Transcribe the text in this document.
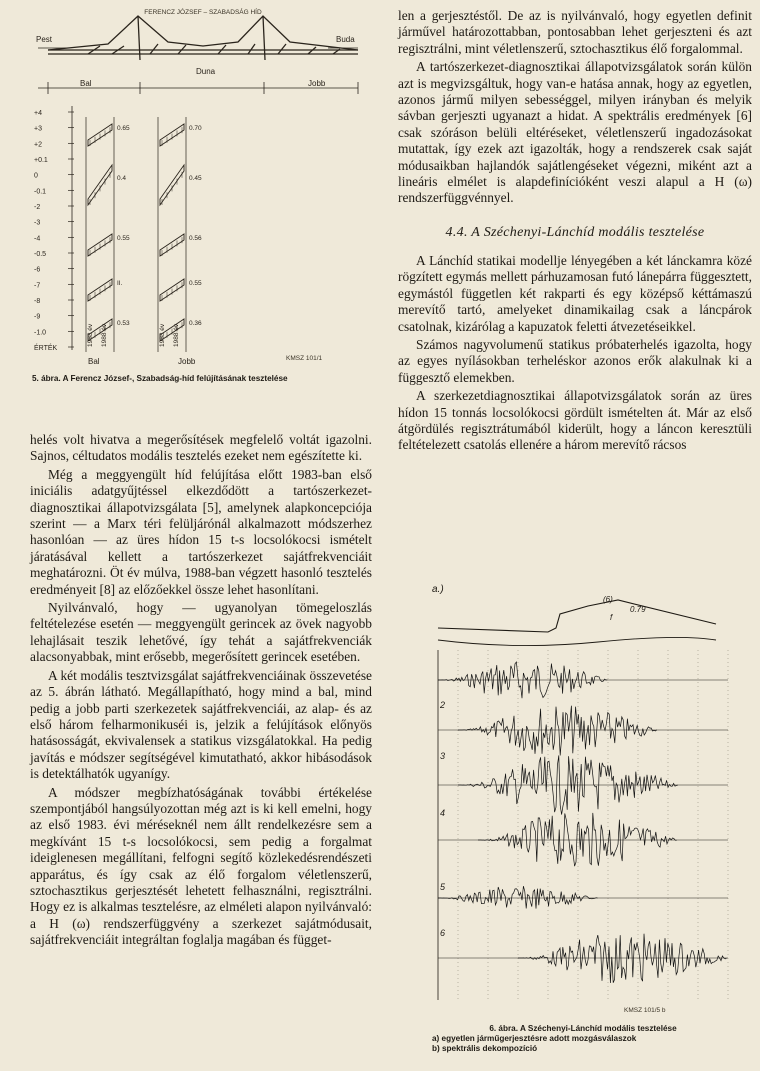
FERENCZ JÓZSEF – SZABADSÁG HÍD
Pest	Buda
Bal
Duna
Jobb
+4
+3
+2
+0.1
0
-0.1
-2
-3
-4
-0.5
-6
-7
-8
-9
-1.0
ÉRTÉK
0.65
0.4
0.55
II.
0.53
1983 év 1988 év
0.70
0.45
0.56
0.55
0.36
1983 év 1988 év
Bal	Jobb	KMSZ 101/1
5. ábra. A Ferencz József-, Szabadság-híd felújításának tesztelése

helés volt hivatva a megerősítések megfelelő voltát igazolni. Sajnos, céltudatos modális tesztelés ezeket nem egészítette ki.

Még a meggyengült híd felújítása előtt 1983-ban első iniciális adatgyűjtéssel elkezdődött a tartószerkezet-diagnosztikai állapotvizsgálata [5], amelynek alapkoncepciója szerint — a Marx téri felüljárónál alkalmazott módszerhez hasonlóan — az üres hídon 15 t-s locsolókocsi ismételt járatásával kellett a tartószerkezet sajátfrekvenciáit meghatározni. Öt év múlva, 1988-ban végzett hasonló tesztelés eredményeit [8] az előzőekkel össze lehet hasonlítani.

Nyilvánvaló, hogy — ugyanolyan tömegeloszlás feltételezése esetén — meggyengült gerincek az övek nagyobb lehajlásait teszik lehetővé, így tehát a sajátfrekvenciák alacsonyabbak, mint erősebb, megerősített gerincek esetében.

A két modális tesztvizsgálat sajátfrekvenciáinak összevetése az 5. ábrán látható. Megállapítható, hogy mind a bal, mind pedig a jobb parti szerkezetek sajátfrekvenciái, az alap- és az első három felharmonikuséi is, jelzik a felújítások előnyös hatásosságát, ekvivalensek a statikus vizsgálatokkal. Ha pedig javítás e módszer segítségével kimutatható, akkor hibásodások is detektálhatók ugyanígy.

A módszer megbízhatóságának további értékelése szempontjából hangsúlyozottan még azt is ki kell emelni, hogy az első 1983. évi méréseknél nem állt rendelkezésre sem a megkívánt 15 t-s locsolókocsi, sem pedig a forgalmat ideiglenesen megállítani, felfogni segítő közlekedésrendészeti apparátus, és így csak az élő forgalom véletlenszerű, sztochasztikus gerjesztését lehetett felhasználni, regisztrálni. Hogy ez is alkalmas tesztelésre, az elméleti alapon nyilvánvaló: a H (ω) rendszerfüggvény a szerkezet sajátmódusait, sajátfrekvenciáit integráltan foglalja magában és függet-

len a gerjesztéstől. De az is nyilvánvaló, hogy egyetlen definit járművel határozottabban, pontosabban lehet gerjeszteni és azt regisztrálni, mint véletlenszerű, sztochasztikus élő forgalommal.

A tartószerkezet-diagnosztikai állapotvizsgálatok során külön azt is megvizsgáltuk, hogy van-e hatása annak, hogy az egyetlen, azonos jármű milyen sebességgel, milyen irányban és melyik sávban gerjeszti ugyanazt a hidat. A spektrális eredmények [6] csak szóráson belüli eltéréseket, véletlenszerű ingadozásokat mutattak, így ezek azt igazolták, hogy a rendszerek csak saját módusaikban hajlandók sajátlengéseket végezni, miként azt a lineáris elmélet is alapdefinícióként veszi alapul a H (ω) rendszerfüggvénnyel.

4.4. A Széchenyi-Lánchíd modális tesztelése

A Lánchíd statikai modellje lényegében a két lánckamra közé rögzített egymás mellett párhuzamosan futó lánepárra függesztett, egymástól független két rakparti és egy középső kéttámaszú merevítő tartó, amelyeket dinamikailag csak a láncpárok csatolnak, kizárólag a kapuzatok feletti átvezetéseikkel.

Számos nagyvolumenű statikus próbaterhelés igazolta, hogy az egyes nyílásokban terheléskor azonos erők alakulnak ki a függesztő elemekben.

A szerkezetdiagnosztikai állapotvizsgálatok során az üres hídon 15 tonnás locsolókocsi gördült ismételten át. Már az első átgördülés regisztrátumából kiderült, hogy a láncon keresztüli feltételezett csatolás ellenére a három merevítő rácsos

a.)
(6)
f
0.79
2
3
4
5
6
KMSZ 101/5 b
6. ábra. A Széchenyi-Lánchíd modális tesztelése
a) egyetlen járműgerjesztésre adott mozgásválaszok
b) spektrális dekompozíció
